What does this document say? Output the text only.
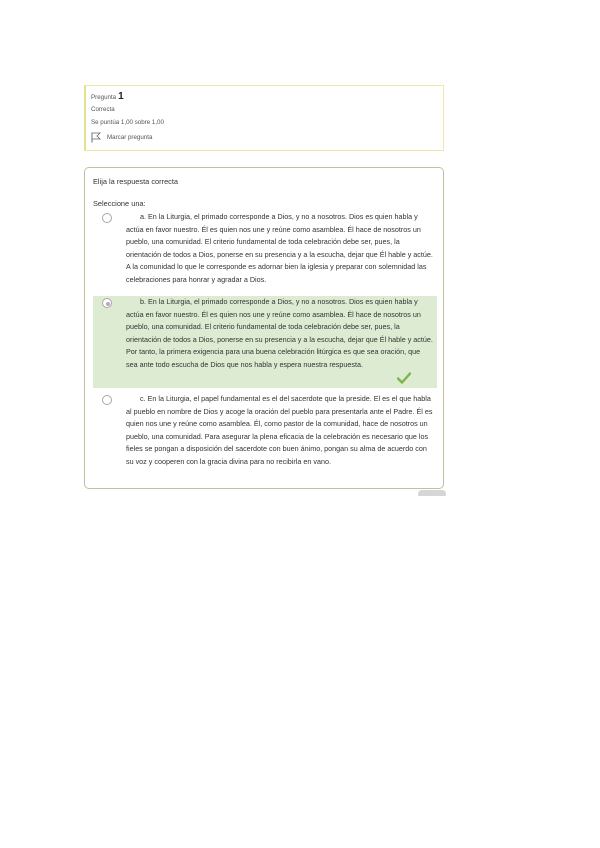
Pregunta 1
Correcta
Se puntúa 1,00 sobre 1,00
Marcar pregunta
Elija la respuesta correcta
Seleccione una:
a. En la Liturgia, el primado corresponde a Dios, y no a nosotros. Dios es quien habla y actúa en favor nuestro. Él es quien nos une y reúne como asamblea. Él hace de nosotros un pueblo, una comunidad. El criterio fundamental de toda celebración debe ser, pues, la orientación de todos a Dios, ponerse en su presencia y a la escucha, dejar que Él hable y actúe. A la comunidad lo que le corresponde es adornar bien la iglesia y preparar con solemnidad las celebraciones para honrar y agradar a Dios.
b. En la Liturgia, el primado corresponde a Dios, y no a nosotros. Dios es quien habla y actúa en favor nuestro. Él es quien nos une y reúne como asamblea. Él hace de nosotros un pueblo, una comunidad. El criterio fundamental de toda celebración debe ser, pues, la orientación de todos a Dios, ponerse en su presencia y a la escucha, dejar que Él hable y actúe. Por tanto, la primera exigencia para una buena celebración litúrgica es que sea oración, que sea ante todo escucha de Dios que nos habla y espera nuestra respuesta.
c. En la Liturgia, el papel fundamental es el del sacerdote que la preside. El es el que habla al pueblo en nombre de Dios y acoge la oración del pueblo para presentarla ante el Padre. Él es quien nos une y reúne como asamblea. Él, como pastor de la comunidad, hace de nosotros un pueblo, una comunidad. Para asegurar la plena eficacia de la celebración es necesario que los fieles se pongan a disposición del sacerdote con buen ánimo, pongan su alma de acuerdo con su voz y cooperen con la gracia divina para no recibirla en vano.
